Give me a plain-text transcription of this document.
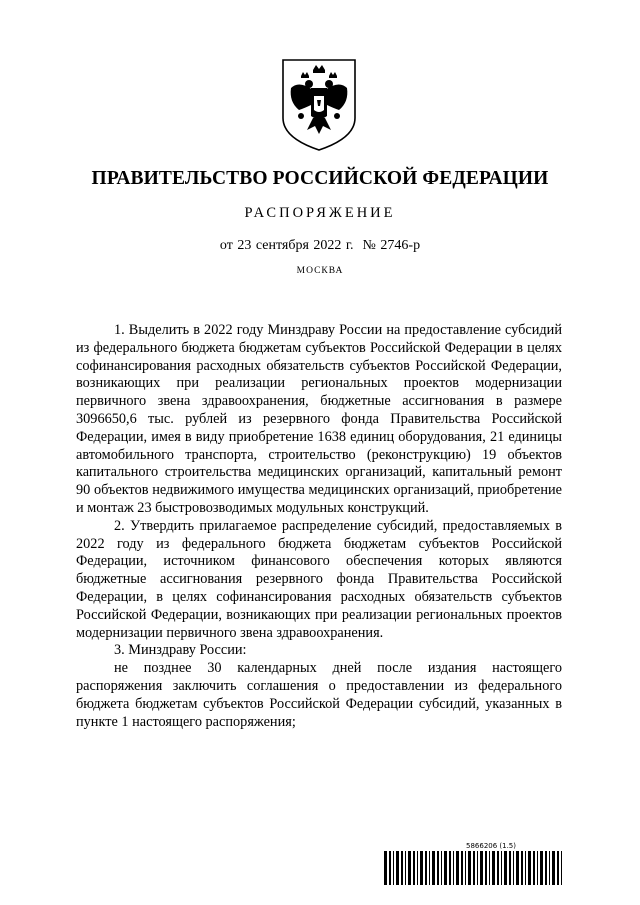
ПРАВИТЕЛЬСТВО РОССИЙСКОЙ ФЕДЕРАЦИИ
РАСПОРЯЖЕНИЕ
от 23 сентября 2022 г.  № 2746-р
МОСКВА

1. Выделить в 2022 году Минздраву России на предоставление субсидий из федерального бюджета бюджетам субъектов Российской Федерации в целях софинансирования расходных обязательств субъектов Российской Федерации, возникающих при реализации региональных проектов модернизации первичного звена здравоохранения, бюджетные ассигнования в размере 3096650,6 тыс. рублей из резервного фонда Правительства Российской Федерации, имея в виду приобретение 1638 единиц оборудования, 21 единицы автомобильного транспорта, строительство (реконструкцию) 19 объектов капитального строительства медицинских организаций, капитальный ремонт 90 объектов недвижимого имущества медицинских организаций, приобретение и монтаж 23 быстровозводимых модульных конструкций.

2. Утвердить прилагаемое распределение субсидий, предоставляемых в 2022 году из федерального бюджета бюджетам субъектов Российской Федерации, источником финансового обеспечения которых являются бюджетные ассигнования резервного фонда Правительства Российской Федерации, в целях софинансирования расходных обязательств субъектов Российской Федерации, возникающих при реализации региональных проектов модернизации первичного звена здравоохранения.

3. Минздраву России:

не позднее 30 календарных дней после издания настоящего распоряжения заключить соглашения о предоставлении из федерального бюджета бюджетам субъектов Российской Федерации субсидий, указанных в пункте 1 настоящего распоряжения;

5866206 (1.5)
